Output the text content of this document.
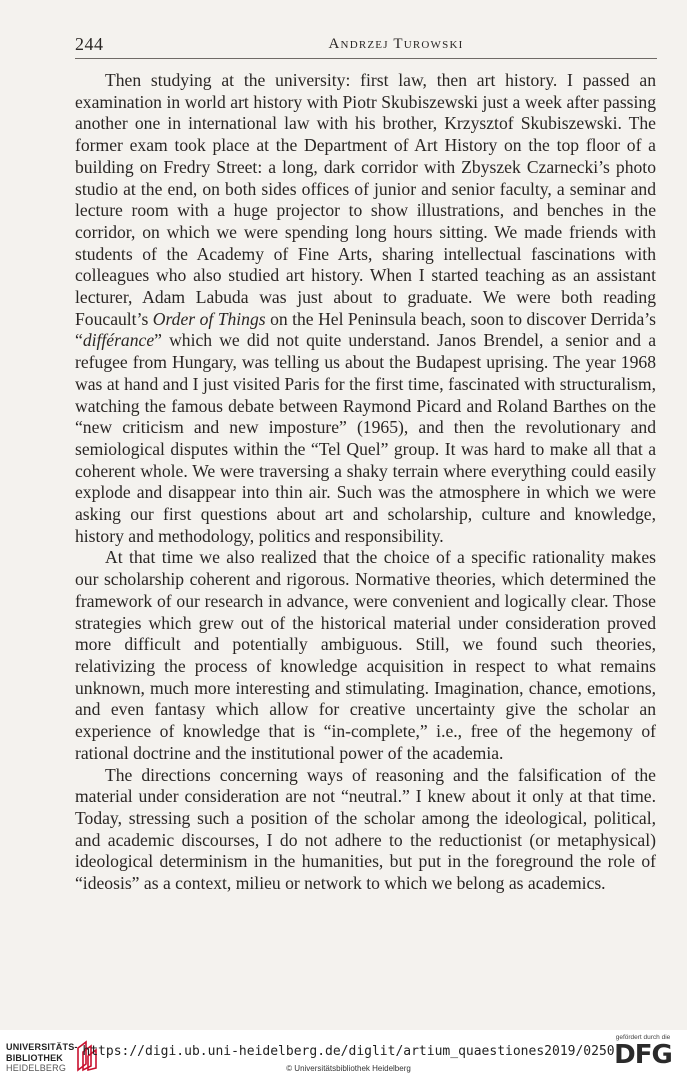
244	Andrzej Turowski

Then studying at the university: first law, then art history. I passed an examination in world art history with Piotr Skubiszewski just a week after passing another one in international law with his brother, Krzysztof Skubiszewski. The former exam took place at the Department of Art History on the top floor of a building on Fredry Street: a long, dark corridor with Zbyszek Czarnecki’s photo studio at the end, on both sides offices of junior and senior faculty, a seminar and lecture room with a huge projector to show illustrations, and benches in the corridor, on which we were spending long hours sitting. We made friends with students of the Academy of Fine Arts, sharing intellectual fascinations with colleagues who also studied art history. When I started teaching as an assistant lecturer, Adam Labuda was just about to graduate. We were both reading Foucault’s Order of Things on the Hel Peninsula beach, soon to discover Derrida’s “différance” which we did not quite understand. Janos Brendel, a senior and a refugee from Hungary, was telling us about the Budapest uprising. The year 1968 was at hand and I just visited Paris for the first time, fascinated with structuralism, watching the famous debate between Raymond Picard and Roland Barthes on the “new criticism and new imposture” (1965), and then the revolutionary and semiological disputes within the “Tel Quel” group. It was hard to make all that a coherent whole. We were traversing a shaky terrain where everything could easily explode and disappear into thin air. Such was the atmosphere in which we were asking our first questions about art and scholarship, culture and knowledge, history and methodology, politics and responsibility.

At that time we also realized that the choice of a specific rationality makes our scholarship coherent and rigorous. Normative theories, which determined the framework of our research in advance, were convenient and logically clear. Those strategies which grew out of the historical material under consideration proved more difficult and potentially ambiguous. Still, we found such theories, relativizing the process of knowledge acquisition in respect to what remains unknown, much more interesting and stimulating. Imagination, chance, emotions, and even fantasy which allow for creative uncertainty give the scholar an experience of knowledge that is “in-complete,” i.e., free of the hegemony of rational doctrine and the institutional power of the academia.

The directions concerning ways of reasoning and the falsification of the material under consideration are not “neutral.” I knew about it only at that time. Today, stressing such a position of the scholar among the ideological, political, and academic discourses, I do not adhere to the reductionist (or metaphysical) ideological determinism in the humanities, but put in the foreground the role of “ideosis” as a context, milieu or network to which we belong as academics.

UNIVERSITÄTS-
BIBLIOTHEK
HEIDELBERG
https://digi.ub.uni-heidelberg.de/diglit/artium_quaestiones2019/0250
© Universitätsbibliothek Heidelberg
gefördert durch die
DFG
